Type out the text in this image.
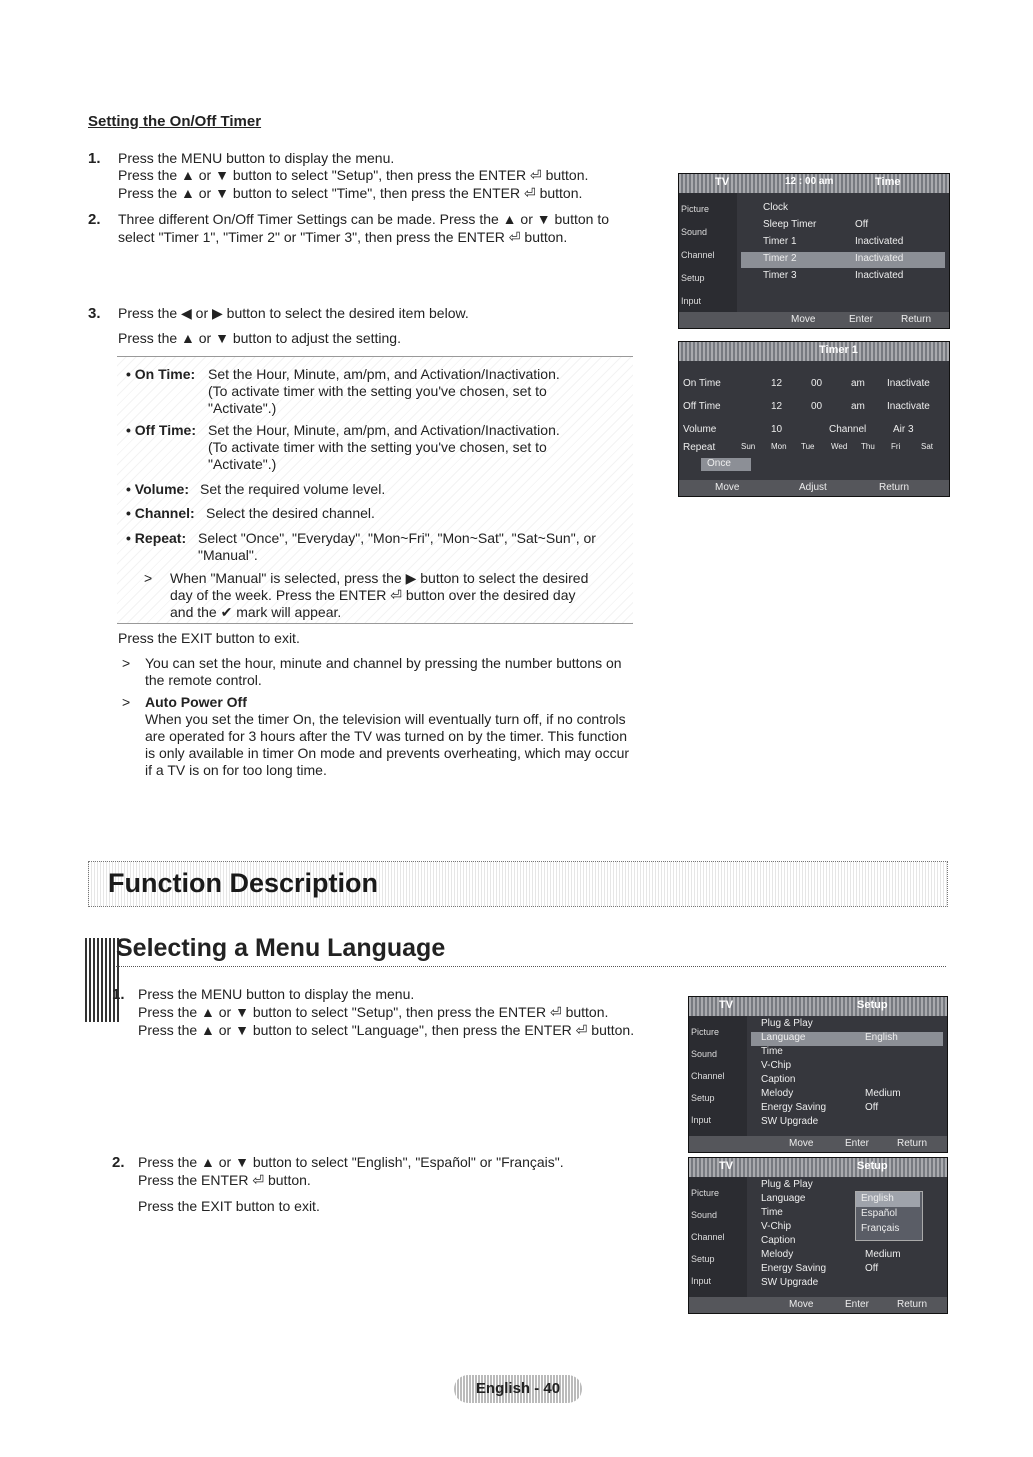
Setting the On/Off Timer
1. Press the MENU button to display the menu.
Press the ▲ or ▼ button to select "Setup", then press the ENTER ⏎ button.
Press the ▲ or ▼ button to select "Time", then press the ENTER ⏎ button.
2. Three different On/Off Timer Settings can be made. Press the ▲ or ▼ button to
select "Timer 1", "Timer 2" or "Timer 3", then press the ENTER ⏎ button.
3. Press the ◀ or ▶ button to select the desired item below.
Press the ▲ or ▼ button to adjust the setting.
• On Time: Set the Hour, Minute, am/pm, and Activation/Inactivation.
(To activate timer with the setting you've chosen, set to
"Activate".)
• Off Time: Set the Hour, Minute, am/pm, and Activation/Inactivation.
(To activate timer with the setting you've chosen, set to
"Activate".)
• Volume: Set the required volume level.
• Channel: Select the desired channel.
• Repeat: Select "Once", "Everyday", "Mon~Fri", "Mon~Sat", "Sat~Sun", or
"Manual".
> When "Manual" is selected, press the ▶ button to select the desired
day of the week. Press the ENTER ⏎ button over the desired day
and the ✔ mark will appear.
Press the EXIT button to exit.
> You can set the hour, minute and channel by pressing the number buttons on
the remote control.
> Auto Power Off
When you set the timer On, the television will eventually turn off, if no controls
are operated for 3 hours after the TV was turned on by the timer. This function
is only available in timer On mode and prevents overheating, which may occur
if a TV is on for too long time.
TV	12 : 00 am	Time
Picture
Sound
Channel
Setup
Input
Clock
Sleep Timer	Off
Timer 1	Inactivated
Timer 2	Inactivated
Timer 3	Inactivated
Move	Enter	Return
Timer 1
On Time	12	00	am Inactivate
Off Time	12	00	am Inactivate
Volume	10	Channel	Air 3
Repeat	Sun Mon Tue Wed Thu Fri	Sat
Once
Move	Adjust	Return
Function Description
Selecting a Menu Language
1. Press the MENU button to display the menu.
Press the ▲ or ▼ button to select "Setup", then press the ENTER ⏎ button.
Press the ▲ or ▼ button to select "Language", then press the ENTER ⏎ button.
2. Press the ▲ or ▼ button to select "English", "Español" or "Français".
Press the ENTER ⏎ button.
Press the EXIT button to exit.
TV	Setup
Picture
Sound
Channel
Setup
Input
Plug & Play
Language	English
Time
V-Chip
Caption
Melody	Medium
Energy Saving	Off
SW Upgrade
Move	Enter	Return
TV	Setup
Picture
Sound
Channel
Setup
Input
Plug & Play
Language
Time
V-Chip
Caption
Melody	Medium
Energy Saving	Off
SW Upgrade
English
Español
Français
Move	Enter	Return
English - 40
